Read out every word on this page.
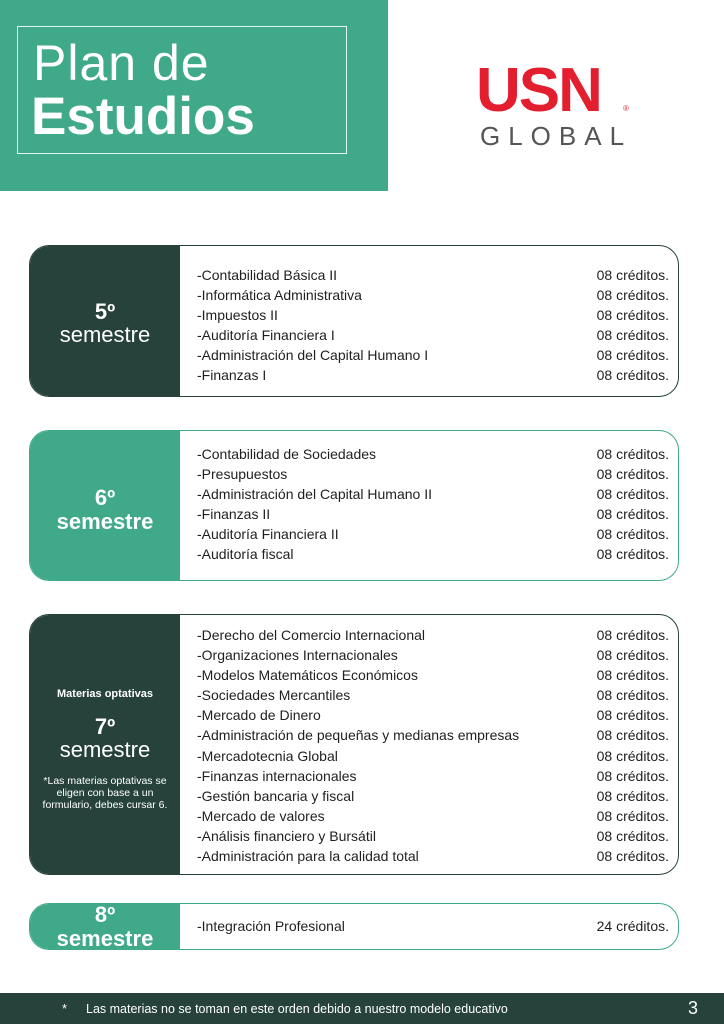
Plan de
Estudios	USN	®
GLOBAL
5º
semestre
-Contabilidad Básica II	08 créditos.
-Informática Administrativa	08 créditos.
-Impuestos II	08 créditos.
-Auditoría Financiera I	08 créditos.
-Administración del Capital Humano I	08 créditos.
-Finanzas I	08 créditos.
6º
semestre
-Contabilidad de Sociedades	08 créditos.
-Presupuestos	08 créditos.
-Administración del Capital Humano II	08 créditos.
-Finanzas II	08 créditos.
-Auditoría Financiera II	08 créditos.
-Auditoría fiscal	08 créditos.
Materias optativas
7º
semestre
*Las materias optativas se eligen con base a un formulario, debes cursar 6.
-Derecho del Comercio Internacional	08 créditos.
-Organizaciones Internacionales	08 créditos.
-Modelos Matemáticos Económicos	08 créditos.
-Sociedades Mercantiles	08 créditos.
-Mercado de Dinero	08 créditos.
-Administración de pequeñas y medianas empresas	08 créditos.
-Mercadotecnia Global	08 créditos.
-Finanzas internacionales	08 créditos.
-Gestión bancaria y fiscal	08 créditos.
-Mercado de valores	08 créditos.
-Análisis financiero y Bursátil	08 créditos.
-Administración para la calidad total	08 créditos.
8º
semestre	-Integración Profesional	24 créditos.
* Las materias no se toman en este orden debido a nuestro modelo educativo	3
